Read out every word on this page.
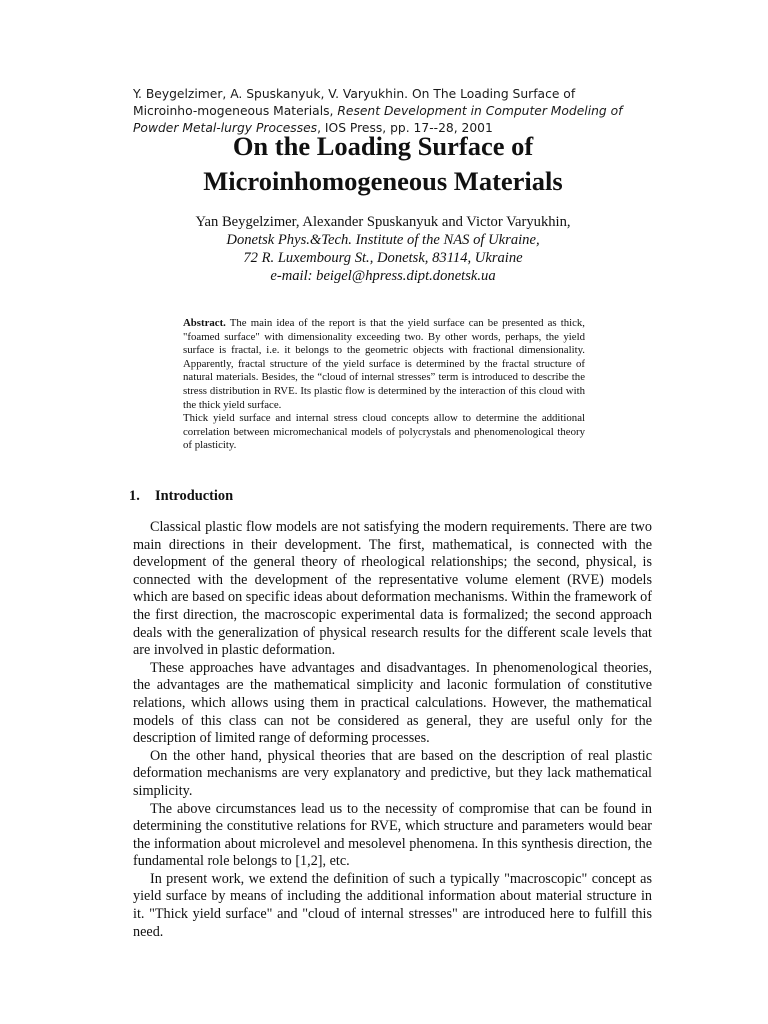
Y. Beygelzimer, A. Spuskanyuk, V. Varyukhin. On The Loading Surface of Microinho-mogeneous Materials, Resent Development in Computer Modeling of Powder Metal-lurgy Processes, IOS Press, pp. 17--28, 2001
On the Loading Surface of
Microinhomogeneous Materials
Yan Beygelzimer, Alexander Spuskanyuk and Victor Varyukhin,
Donetsk Phys.&Tech. Institute of the NAS of Ukraine,
72 R. Luxembourg St., Donetsk, 83114, Ukraine
e-mail: beigel@hpress.dipt.donetsk.ua

Abstract. The main idea of the report is that the yield surface can be presented as thick, "foamed surface" with dimensionality exceeding two. By other words, perhaps, the yield surface is fractal, i.e. it belongs to the geometric objects with fractional dimensionality. Apparently, fractal structure of the yield surface is determined by the fractal structure of natural materials. Besides, the “cloud of internal stresses” term is introduced to describe the stress distribution in RVE. Its plastic flow is determined by the interaction of this cloud with the thick yield surface.

Thick yield surface and internal stress cloud concepts allow to determine the additional correlation between micromechanical models of polycrystals and phenomenological theory of plasticity.

1. Introduction

Classical plastic flow models are not satisfying the modern requirements. There are two main directions in their development. The first, mathematical, is connected with the development of the general theory of rheological relationships; the second, physical, is connected with the development of the representative volume element (RVE) models which are based on specific ideas about deformation mechanisms. Within the framework of the first direction, the macroscopic experimental data is formalized; the second approach deals with the generalization of physical research results for the different scale levels that are involved in plastic deformation.

These approaches have advantages and disadvantages. In phenomenological theories, the advantages are the mathematical simplicity and laconic formulation of constitutive relations, which allows using them in practical calculations. However, the mathematical models of this class can not be considered as general, they are useful only for the description of limited range of deforming processes.

On the other hand, physical theories that are based on the description of real plastic deformation mechanisms are very explanatory and predictive, but they lack mathematical simplicity.

The above circumstances lead us to the necessity of compromise that can be found in determining the constitutive relations for RVE, which structure and parameters would bear the information about microlevel and mesolevel phenomena. In this synthesis direction, the fundamental role belongs to [1,2], etc.

In present work, we extend the definition of such a typically "macroscopic" concept as yield surface by means of including the additional information about material structure in it. "Thick yield surface" and "cloud of internal stresses" are introduced here to fulfill this need.
